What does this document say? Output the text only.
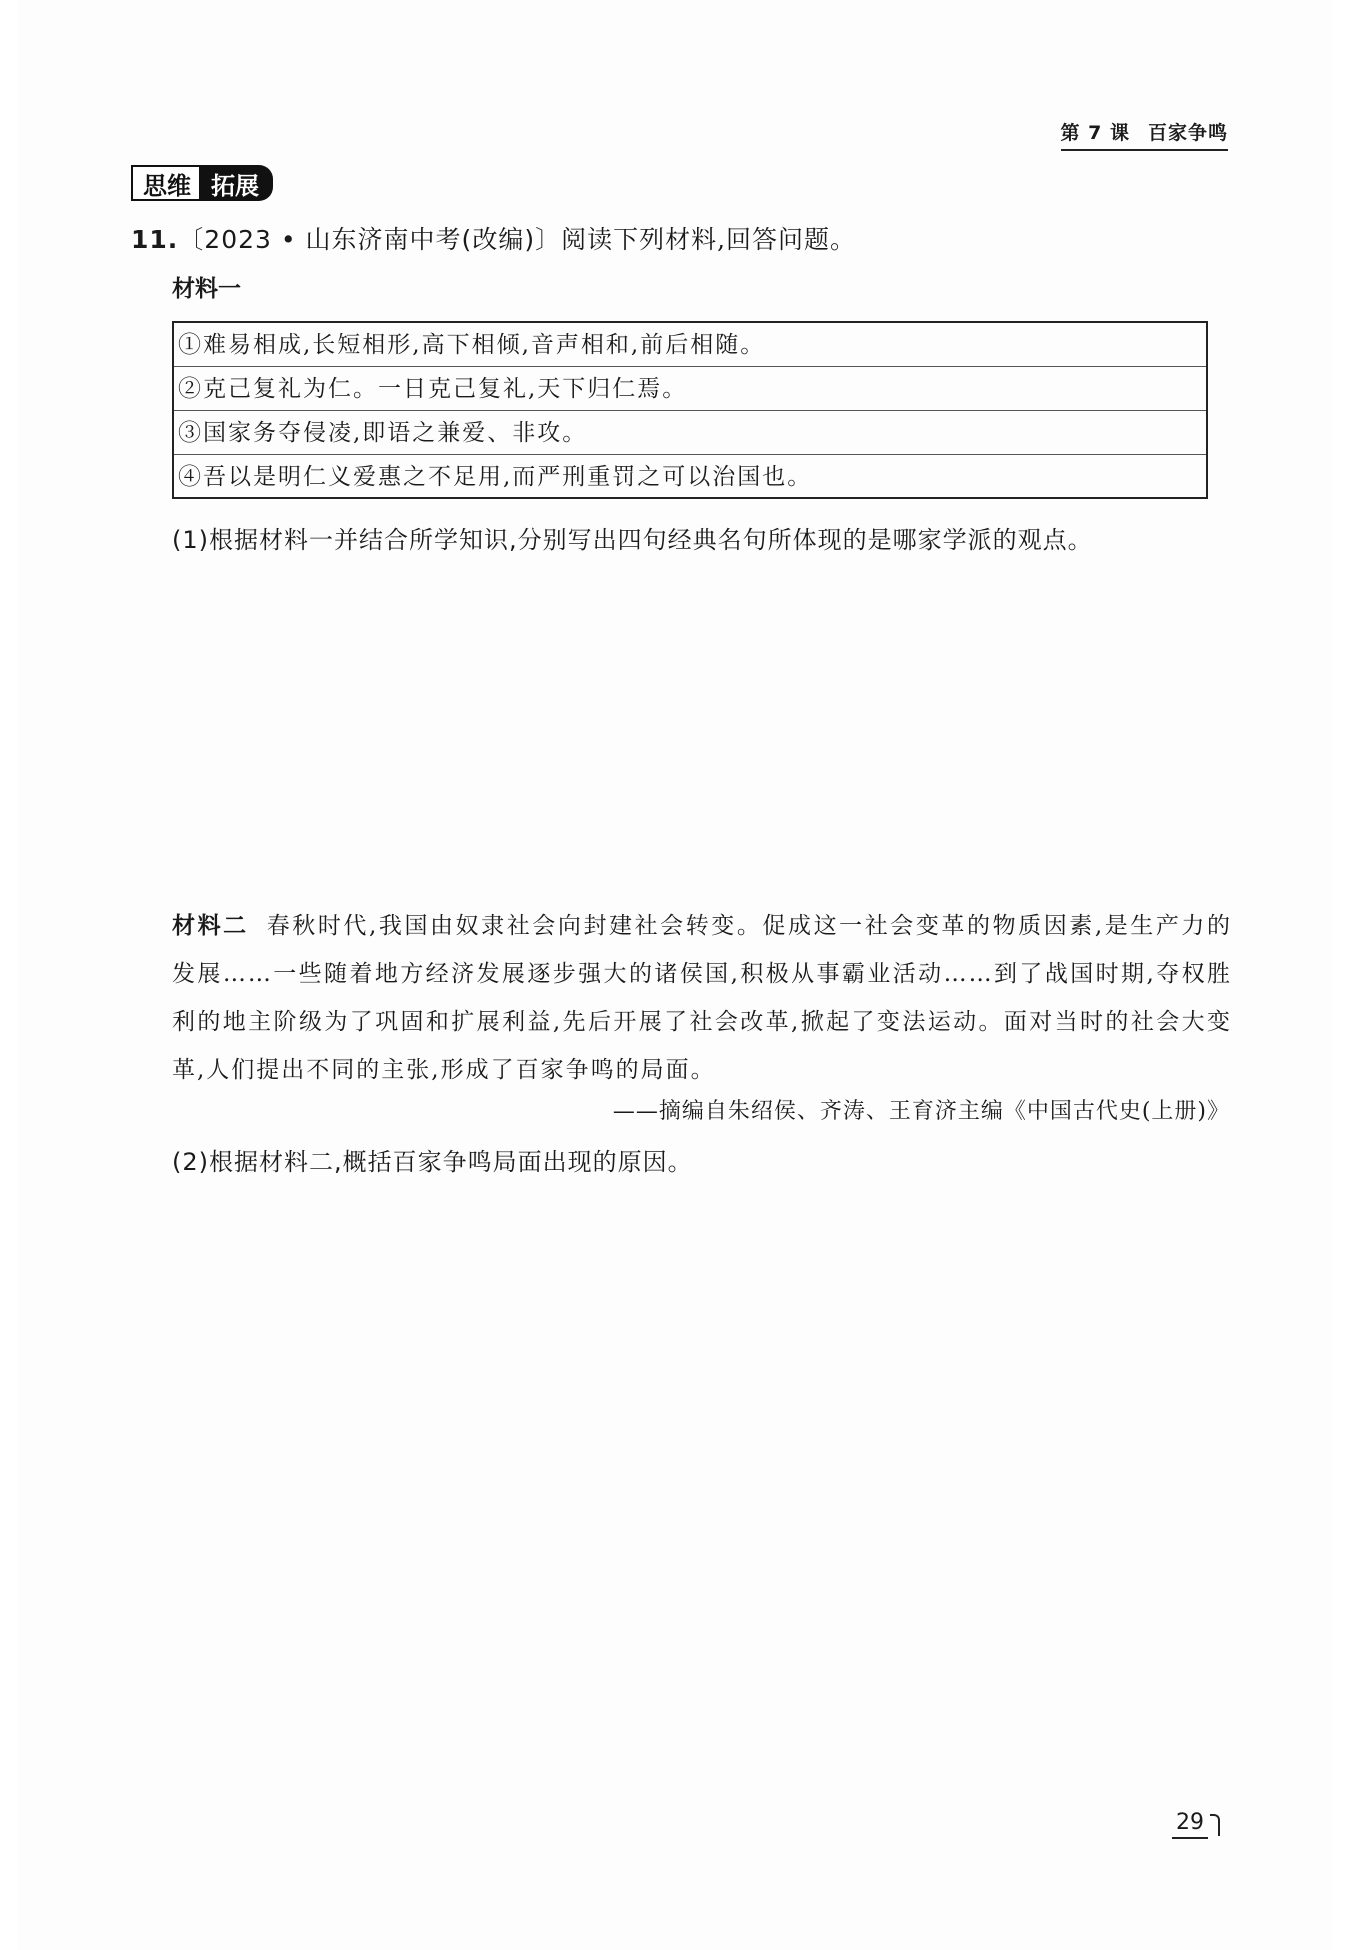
第 7 课 百家争鸣
思维 拓展
11.〔2023 • 山东济南中考(改编)〕阅读下列材料,回答问题。
材料一
①难易相成,长短相形,高下相倾,音声相和,前后相随。
②克己复礼为仁。一日克己复礼,天下归仁焉。
③国家务夺侵凌,即语之兼爱、非攻。
④吾以是明仁义爱惠之不足用,而严刑重罚之可以治国也。
(1)根据材料一并结合所学知识,分别写出四句经典名句所体现的是哪家学派的观点。
材料二 春秋时代,我国由奴隶社会向封建社会转变。促成这一社会变革的物质因素,是生产力的发展……一些随着地方经济发展逐步强大的诸侯国,积极从事霸业活动……到了战国时期,夺权胜利的地主阶级为了巩固和扩展利益,先后开展了社会改革,掀起了变法运动。面对当时的社会大变革,人们提出不同的主张,形成了百家争鸣的局面。
——摘编自朱绍侯、齐涛、王育济主编《中国古代史(上册)》
(2)根据材料二,概括百家争鸣局面出现的原因。
29
